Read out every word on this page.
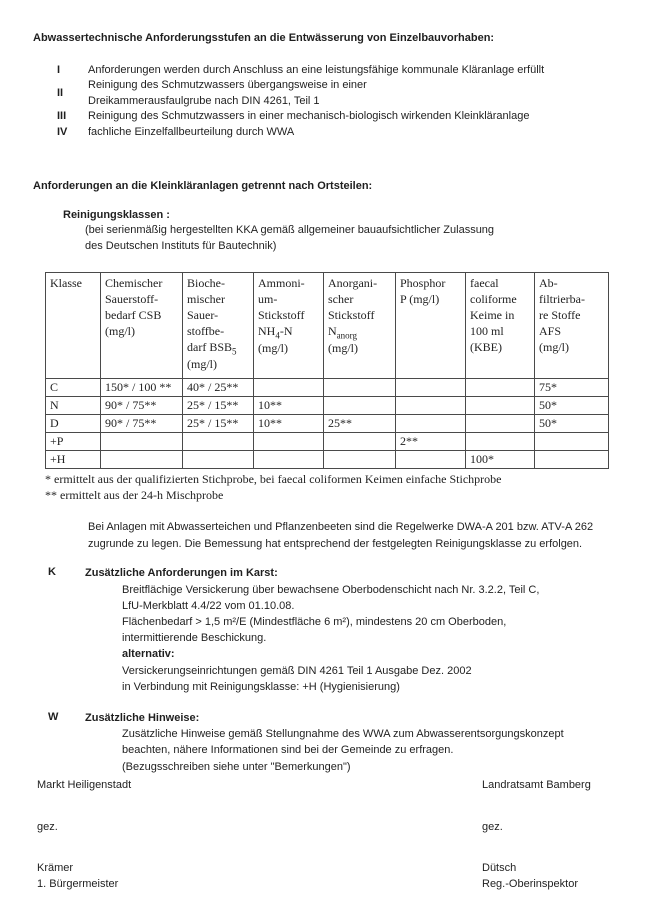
Abwassertechnische Anforderungsstufen an die Entwässerung von Einzelbauvorhaben:
I	Anforderungen werden durch Anschluss an eine leistungsfähige kommunale Kläranlage erfüllt
II
Reinigung des Schmutzwassers übergangsweise in einer
Dreikammerausfaulgrube nach DIN 4261, Teil 1
III	Reinigung des Schmutzwassers in einer mechanisch-biologisch wirkenden Kleinkläranlage
IV	fachliche Einzelfallbeurteilung durch WWA
Anforderungen an die Kleinkläranlagen getrennt nach Ortsteilen:
Reinigungsklassen :
(bei serienmäßig hergestellten KKA gemäß allgemeiner bauaufsichtlicher Zulassung
des Deutschen Instituts für Bautechnik)
Klasse	Chemischer
Sauerstoff-
bedarf CSB
(mg/l)

Bioche-
mischer
Sauer-
stoffbe-
darf $BSB_5$
(mg/l)

Ammoni-
um-
Stickstoff
$NH_4-N$
(mg/l)

Anorgani-
scher
Stickstoff
$N_{anorg}$
(mg/l)

Phosphor
P (mg/l)

faecal
coliforme
Keime in
100 ml
(KBE)

Ab-
filtrierba-
re Stoffe
AFS
(mg/l)

C	150* / 100 **	40* / 25**					75*
N	90* / 75**	25* / 15**	10**				50*
D	90* / 75**	25* / 15**	10**	25**			50*
+P					2**		
+H						100*	
* ermittelt aus der qualifizierten Stichprobe, bei faecal coliformen Keimen einfache Stichprobe
** ermittelt aus der 24-h Mischprobe
Bei Anlagen mit Abwasserteichen und Pflanzenbeeten sind die Regelwerke DWA-A 201 bzw. ATV-A 262
zugrunde zu legen. Die Bemessung hat entsprechend der festgelegten Reinigungsklasse zu erfolgen.
K	Zusätzliche Anforderungen im Karst:
Breitflächige Versickerung über bewachsene Oberbodenschicht nach Nr. 3.2.2, Teil C,
LfU-Merkblatt 4.4/22 vom 01.10.08.
Flächenbedarf > 1,5 m²/E (Mindestfläche 6 m²), mindestens 20 cm Oberboden,
intermittierende Beschickung.
alternativ:
Versickerungseinrichtungen gemäß DIN 4261 Teil 1 Ausgabe Dez. 2002
in Verbindung mit Reinigungsklasse: +H (Hygienisierung)
W	Zusätzliche Hinweise:
Zusätzliche Hinweise gemäß Stellungnahme des WWA zum Abwasserentsorgungskonzept
beachten, nähere Informationen sind bei der Gemeinde zu erfragen.
(Bezugsschreiben siehe unter "Bemerkungen")
Markt Heiligenstadt
gez.
Krämer
1. Bürgermeister
Landratsamt Bamberg
gez.
Dütsch
Reg.-Oberinspektor
